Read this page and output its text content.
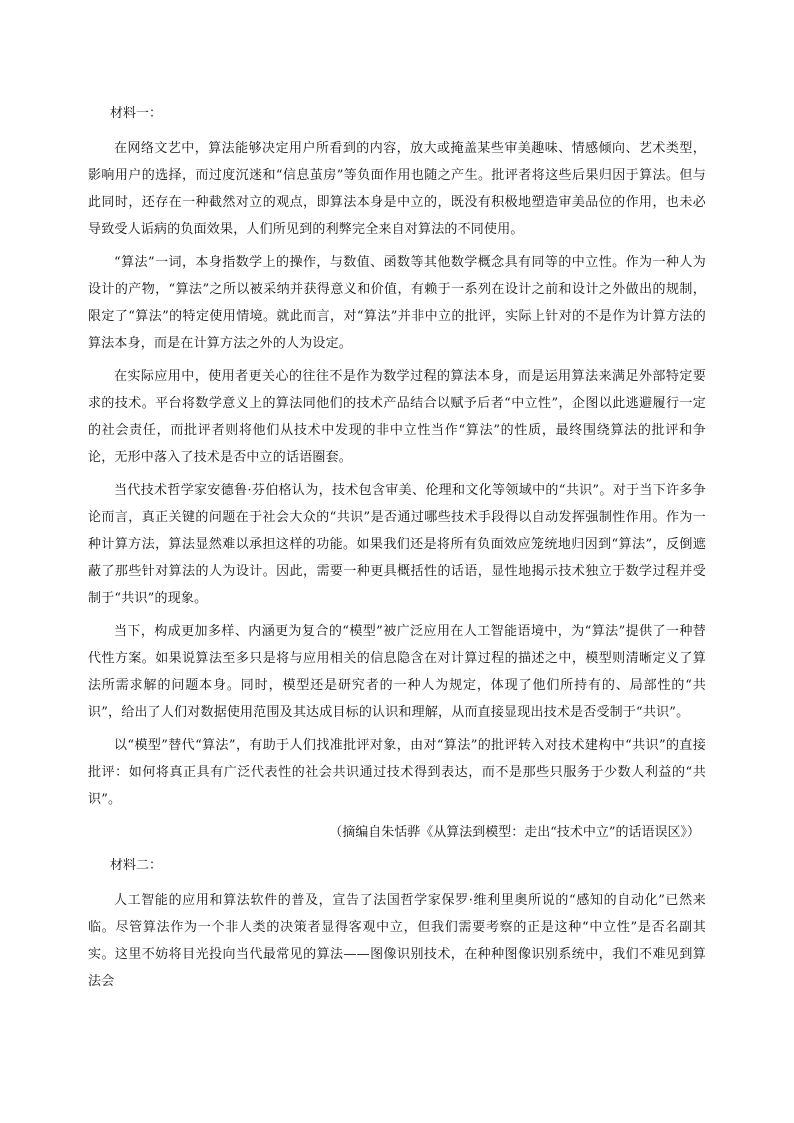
材料一：

在网络文艺中，算法能够决定用户所看到的内容，放大或掩盖某些审美趣味、情感倾向、艺术类型，影响用户的选择，而过度沉迷和“信息茧房”等负面作用也随之产生。批评者将这些后果归因于算法。但与此同时，还存在一种截然对立的观点，即算法本身是中立的，既没有积极地塑造审美品位的作用，也未必导致受人诟病的负面效果，人们所见到的利弊完全来自对算法的不同使用。

“算法”一词，本身指数学上的操作，与数值、函数等其他数学概念具有同等的中立性。作为一种人为设计的产物，“算法”之所以被采纳并获得意义和价值，有赖于一系列在设计之前和设计之外做出的规制，限定了“算法”的特定使用情境。就此而言，对“算法”并非中立的批评，实际上针对的不是作为计算方法的算法本身，而是在计算方法之外的人为设定。

在实际应用中，使用者更关心的往往不是作为数学过程的算法本身，而是运用算法来满足外部特定要求的技术。平台将数学意义上的算法同他们的技术产品结合以赋予后者“中立性”，企图以此逃避履行一定的社会责任，而批评者则将他们从技术中发现的非中立性当作“算法”的性质，最终围绕算法的批评和争论，无形中落入了技术是否中立的话语圈套。

当代技术哲学家安德鲁·芬伯格认为，技术包含审美、伦理和文化等领域中的“共识”。对于当下许多争论而言，真正关键的问题在于社会大众的“共识”是否通过哪些技术手段得以自动发挥强制性作用。作为一种计算方法，算法显然难以承担这样的功能。如果我们还是将所有负面效应笼统地归因到“算法”，反倒遮蔽了那些针对算法的人为设计。因此，需要一种更具概括性的话语，显性地揭示技术独立于数学过程并受制于“共识”的现象。

当下，构成更加多样、内涵更为复合的“模型”被广泛应用在人工智能语境中，为“算法”提供了一种替代性方案。如果说算法至多只是将与应用相关的信息隐含在对计算过程的描述之中，模型则清晰定义了算法所需求解的问题本身。同时，模型还是研究者的一种人为规定，体现了他们所持有的、局部性的“共识”，给出了人们对数据使用范围及其达成目标的认识和理解，从而直接显现出技术是否受制于“共识”。

以“模型”替代“算法”，有助于人们找准批评对象，由对“算法”的批评转入对技术建构中“共识”的直接批评：如何将真正具有广泛代表性的社会共识通过技术得到表达，而不是那些只服务于少数人利益的“共识”。

（摘编自朱恬骅《从算法到模型：走出“技术中立”的话语误区》）
材料二：

人工智能的应用和算法软件的普及，宣告了法国哲学家保罗·维利里奥所说的“感知的自动化”已然来临。尽管算法作为一个非人类的决策者显得客观中立，但我们需要考察的正是这种“中立性”是否名副其实。这里不妨将目光投向当代最常见的算法——图像识别技术，在种种图像识别系统中，我们不难见到算法会
